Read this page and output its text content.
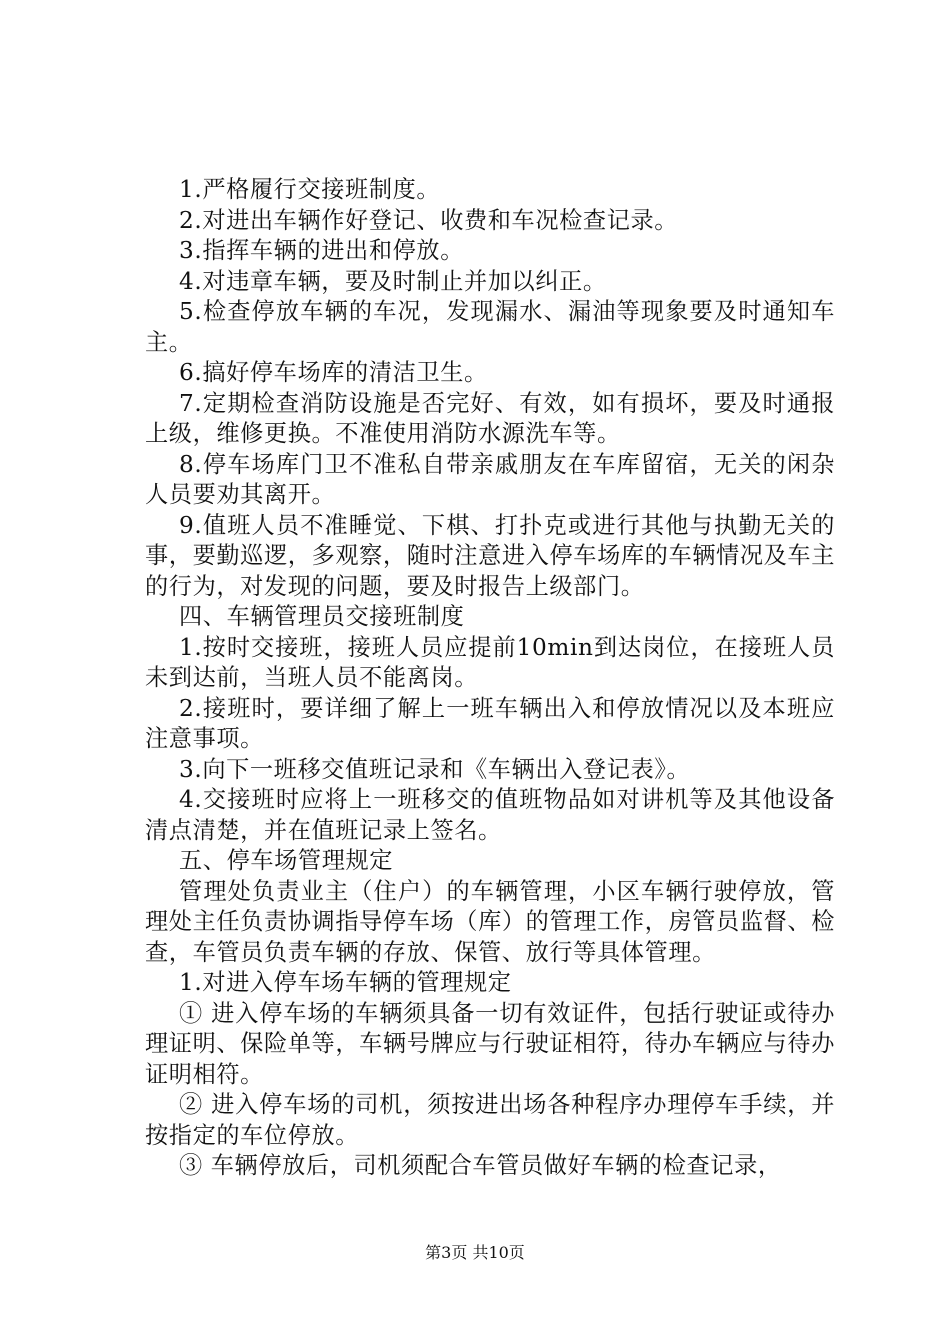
1.严格履行交接班制度。

2.对进出车辆作好登记、收费和车况检查记录。

3.指挥车辆的进出和停放。

4.对违章车辆，要及时制止并加以纠正。

5.检查停放车辆的车况，发现漏水、漏油等现象要及时通知车主。

6.搞好停车场库的清洁卫生。

7.定期检查消防设施是否完好、有效，如有损坏，要及时通报上级，维修更换。不准使用消防水源洗车等。

8.停车场库门卫不准私自带亲戚朋友在车库留宿，无关的闲杂人员要劝其离开。

9.值班人员不准睡觉、下棋、打扑克或进行其他与执勤无关的事，要勤巡逻，多观察，随时注意进入停车场库的车辆情况及车主的行为，对发现的问题，要及时报告上级部门。

四、车辆管理员交接班制度

1.按时交接班，接班人员应提前10min到达岗位，在接班人员未到达前，当班人员不能离岗。

2.接班时，要详细了解上一班车辆出入和停放情况以及本班应注意事项。

3.向下一班移交值班记录和《车辆出入登记表》。

4.交接班时应将上一班移交的值班物品如对讲机等及其他设备清点清楚，并在值班记录上签名。

五、停车场管理规定

管理处负责业主（住户）的车辆管理，小区车辆行驶停放，管理处主任负责协调指导停车场（库）的管理工作，房管员监督、检查，车管员负责车辆的存放、保管、放行等具体管理。

1.对进入停车场车辆的管理规定

① 进入停车场的车辆须具备一切有效证件，包括行驶证或待办理证明、保险单等，车辆号牌应与行驶证相符，待办车辆应与待办证明相符。

② 进入停车场的司机，须按进出场各种程序办理停车手续，并按指定的车位停放。

③ 车辆停放后，司机须配合车管员做好车辆的检查记录，

第3页 共10页
